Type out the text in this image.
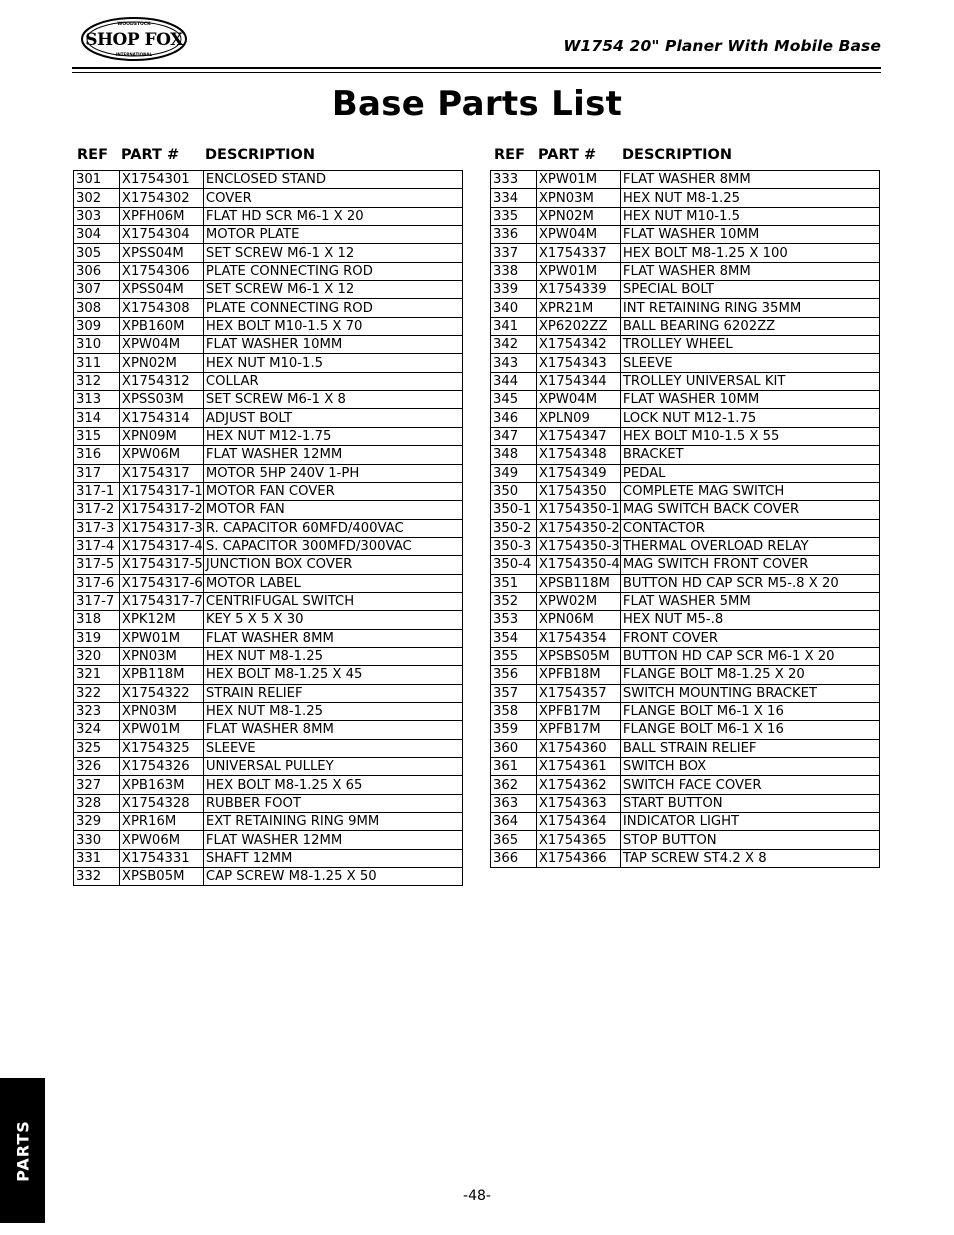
WOODSTOCK
SHOP FOX
INTERNATIONAL	W1754 20" Planer With Mobile Base
Base Parts List
REF PART # DESCRIPTION	REF PART # DESCRIPTION
301	X1754301	ENCLOSED STAND
302	X1754302	COVER
303	XPFH06M	FLAT HD SCR M6-1 X 20
304	X1754304	MOTOR PLATE
305	XPSS04M	SET SCREW M6-1 X 12
306	X1754306	PLATE CONNECTING ROD
307	XPSS04M	SET SCREW M6-1 X 12
308	X1754308	PLATE CONNECTING ROD
309	XPB160M	HEX BOLT M10-1.5 X 70
310	XPW04M	FLAT WASHER 10MM
311	XPN02M	HEX NUT M10-1.5
312	X1754312	COLLAR
313	XPSS03M	SET SCREW M6-1 X 8
314	X1754314	ADJUST BOLT
315	XPN09M	HEX NUT M12-1.75
316	XPW06M	FLAT WASHER 12MM
317	X1754317	MOTOR 5HP 240V 1-PH
317-1	X1754317-1	MOTOR FAN COVER
317-2	X1754317-2	MOTOR FAN
317-3	X1754317-3	R. CAPACITOR 60MFD/400VAC
317-4	X1754317-4	S. CAPACITOR 300MFD/300VAC
317-5	X1754317-5	JUNCTION BOX COVER
317-6	X1754317-6	MOTOR LABEL
317-7	X1754317-7	CENTRIFUGAL SWITCH
318	XPK12M	KEY 5 X 5 X 30
319	XPW01M	FLAT WASHER 8MM
320	XPN03M	HEX NUT M8-1.25
321	XPB118M	HEX BOLT M8-1.25 X 45
322	X1754322	STRAIN RELIEF
323	XPN03M	HEX NUT M8-1.25
324	XPW01M	FLAT WASHER 8MM
325	X1754325	SLEEVE
326	X1754326	UNIVERSAL PULLEY
327	XPB163M	HEX BOLT M8-1.25 X 65
328	X1754328	RUBBER FOOT
329	XPR16M	EXT RETAINING RING 9MM
330	XPW06M	FLAT WASHER 12MM
331	X1754331	SHAFT 12MM
332	XPSB05M	CAP SCREW M8-1.25 X 50
333	XPW01M	FLAT WASHER 8MM
334	XPN03M	HEX NUT M8-1.25
335	XPN02M	HEX NUT M10-1.5
336	XPW04M	FLAT WASHER 10MM
337	X1754337	HEX BOLT M8-1.25 X 100
338	XPW01M	FLAT WASHER 8MM
339	X1754339	SPECIAL BOLT
340	XPR21M	INT RETAINING RING 35MM
341	XP6202ZZ	BALL BEARING 6202ZZ
342	X1754342	TROLLEY WHEEL
343	X1754343	SLEEVE
344	X1754344	TROLLEY UNIVERSAL KIT
345	XPW04M	FLAT WASHER 10MM
346	XPLN09	LOCK NUT M12-1.75
347	X1754347	HEX BOLT M10-1.5 X 55
348	X1754348	BRACKET
349	X1754349	PEDAL
350	X1754350	COMPLETE MAG SWITCH
350-1	X1754350-1	MAG SWITCH BACK COVER
350-2	X1754350-2	CONTACTOR
350-3	X1754350-3	THERMAL OVERLOAD RELAY
350-4	X1754350-4	MAG SWITCH FRONT COVER
351	XPSB118M	BUTTON HD CAP SCR M5-.8 X 20
352	XPW02M	FLAT WASHER 5MM
353	XPN06M	HEX NUT M5-.8
354	X1754354	FRONT COVER
355	XPSBS05M	BUTTON HD CAP SCR M6-1 X 20
356	XPFB18M	FLANGE BOLT M8-1.25 X 20
357	X1754357	SWITCH MOUNTING BRACKET
358	XPFB17M	FLANGE BOLT M6-1 X 16
359	XPFB17M	FLANGE BOLT M6-1 X 16
360	X1754360	BALL STRAIN RELIEF
361	X1754361	SWITCH BOX
362	X1754362	SWITCH FACE COVER
363	X1754363	START BUTTON
364	X1754364	INDICATOR LIGHT
365	X1754365	STOP BUTTON
366	X1754366	TAP SCREW ST4.2 X 8
PARTS
-48-
